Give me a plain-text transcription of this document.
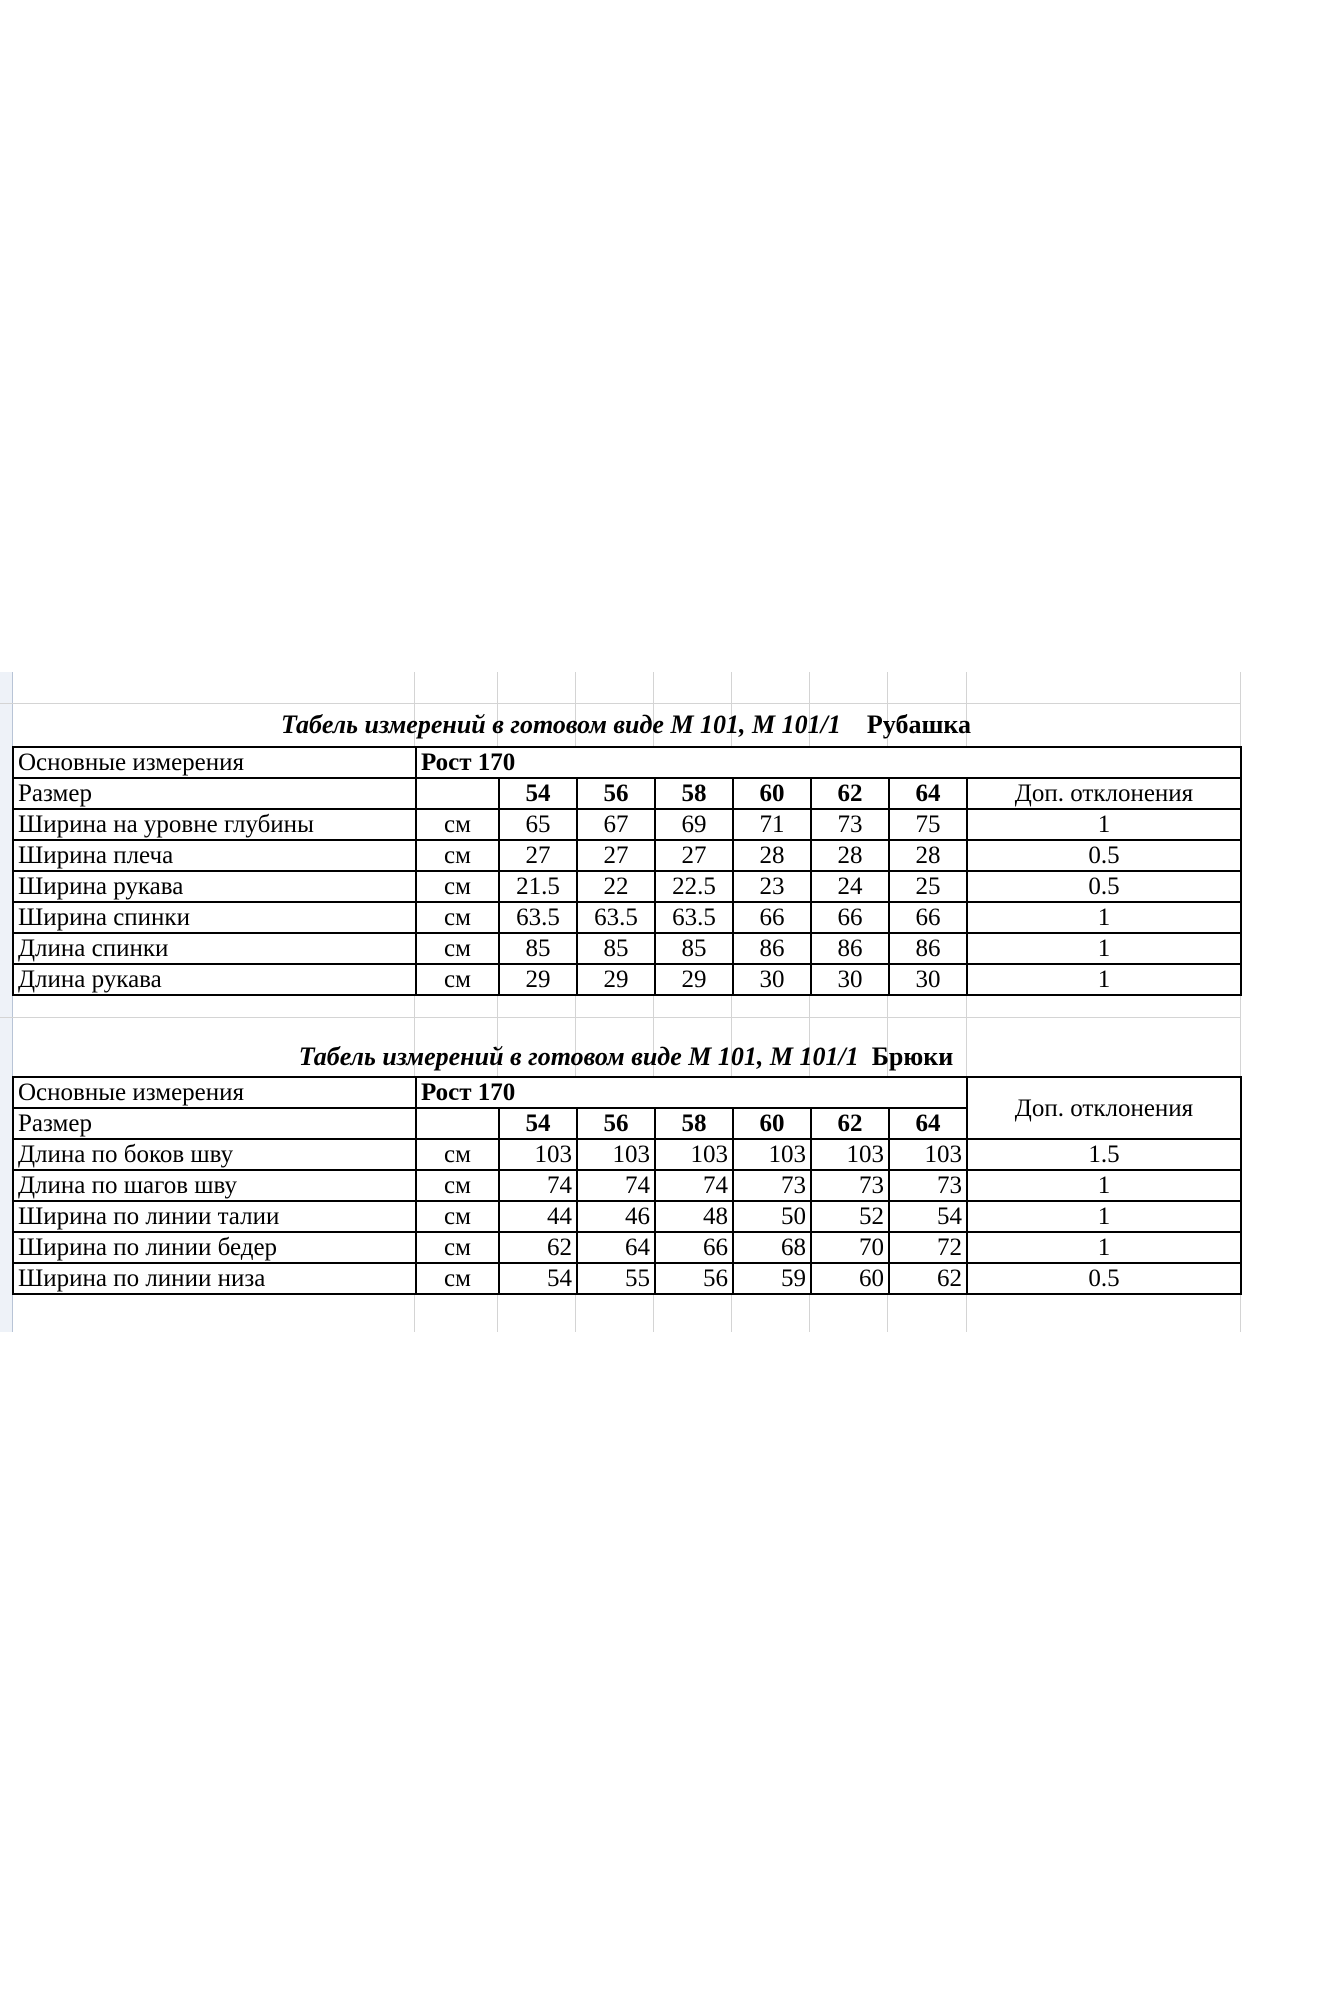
Табель измерений в готовом виде М 101, М 101/1 Рубашка
Основные измерения	Рост 170							
Размер		54	56	58	60	62	64	Доп. отклонения
Ширина на уровне глубины	см	65	67	69	71	73	75	1
Ширина плеча	см	27	27	27	28	28	28	0.5
Ширина рукава	см	21.5	22	22.5	23	24	25	0.5
Ширина спинки	см	63.5	63.5	63.5	66	66	66	1
Длина спинки	см	85	85	85	86	86	86	1
Длина рукава	см	29	29	29	30	30	30	1
Табель измерений в готовом виде М 101, М 101/1 Брюки
Основные измерения	Рост 170							Доп. отклонения
Размер		54	56	58	60	62	64	
Длина по боков шву	см	103	103	103	103	103	103	1.5
Длина по шагов шву	см	74	74	74	73	73	73	1
Ширина по линии талии	см	44	46	48	50	52	54	1
Ширина по линии бедер	см	62	64	66	68	70	72	1
Ширина по линии низа	см	54	55	56	59	60	62	0.5
